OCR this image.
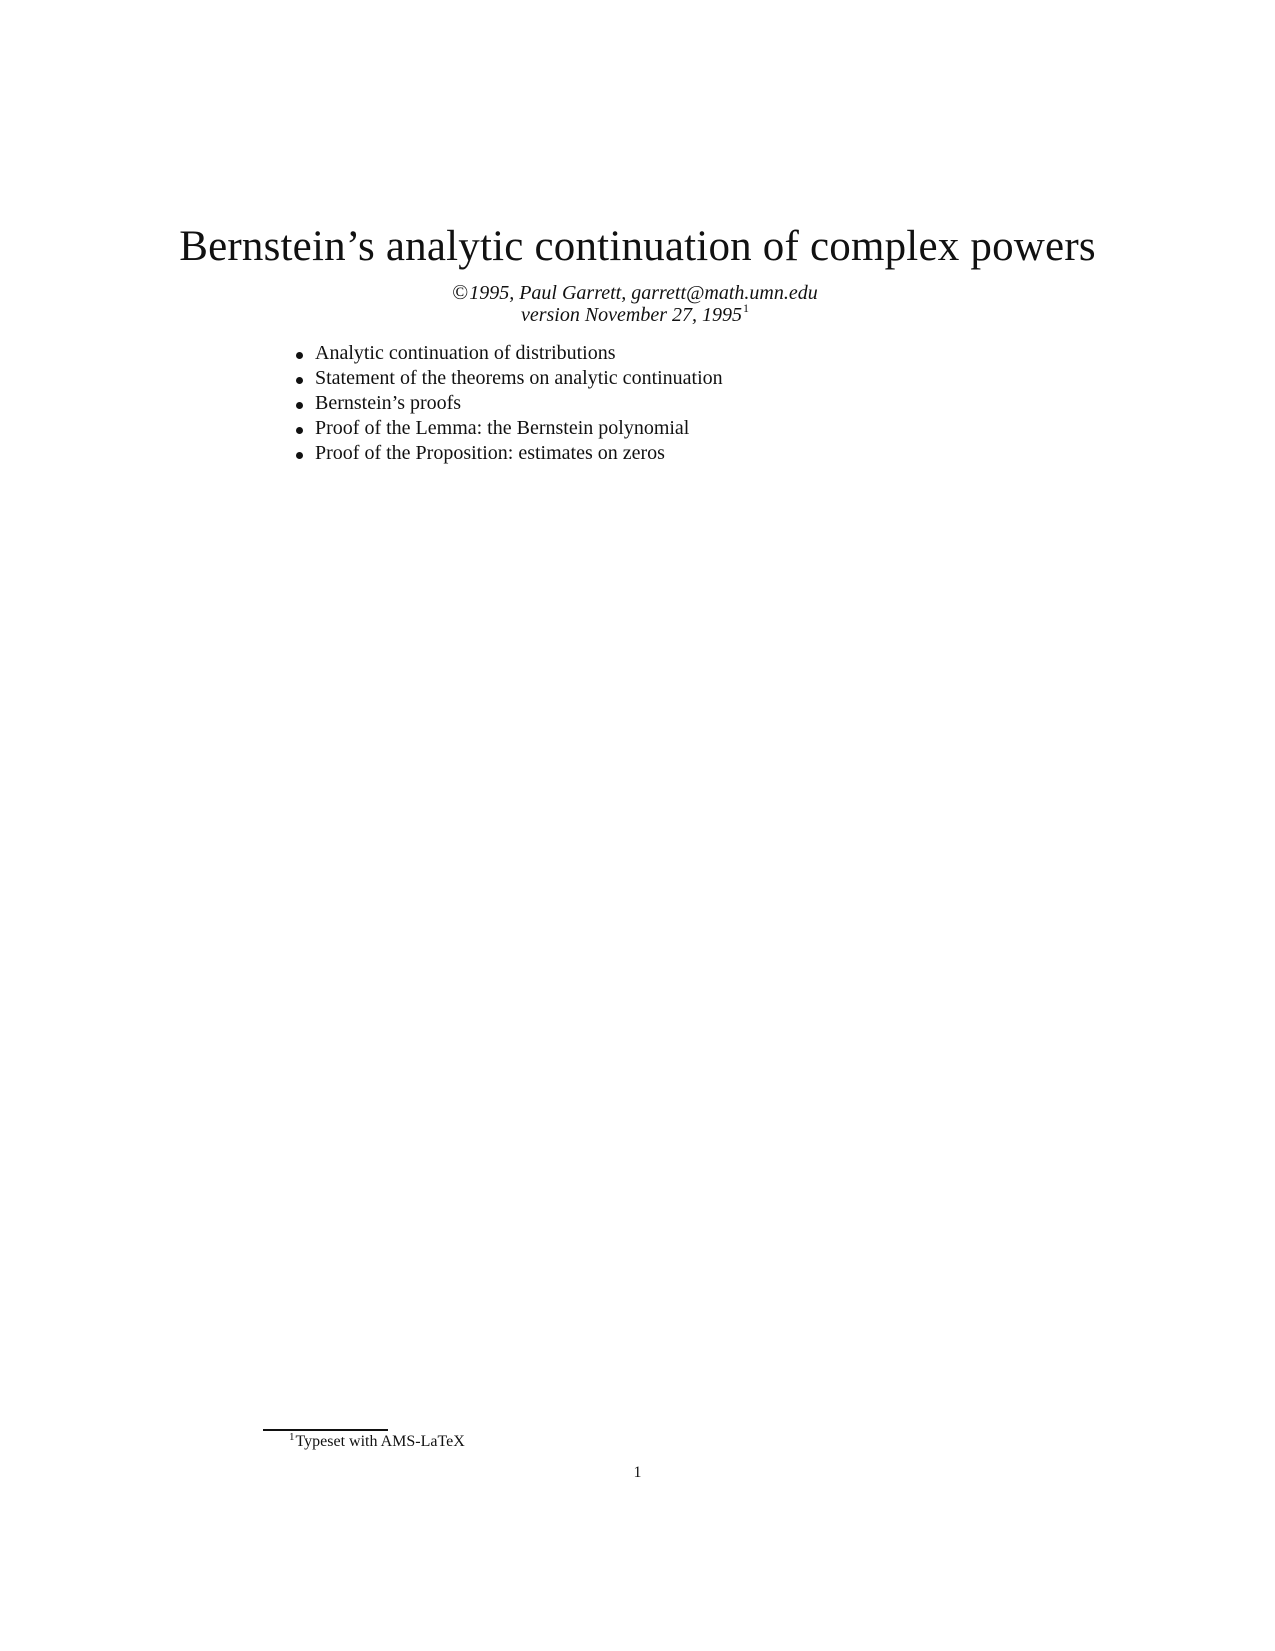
Bernstein’s analytic continuation of complex powers
©1995, Paul Garrett, garrett@math.umn.edu
version November 27, 1995$^1$
Analytic continuation of distributions
Statement of the theorems on analytic continuation
Bernstein’s proofs
Proof of the Lemma: the Bernstein polynomial
Proof of the Proposition: estimates on zeros
$^1$Typeset with AMS-LaTeX
1
